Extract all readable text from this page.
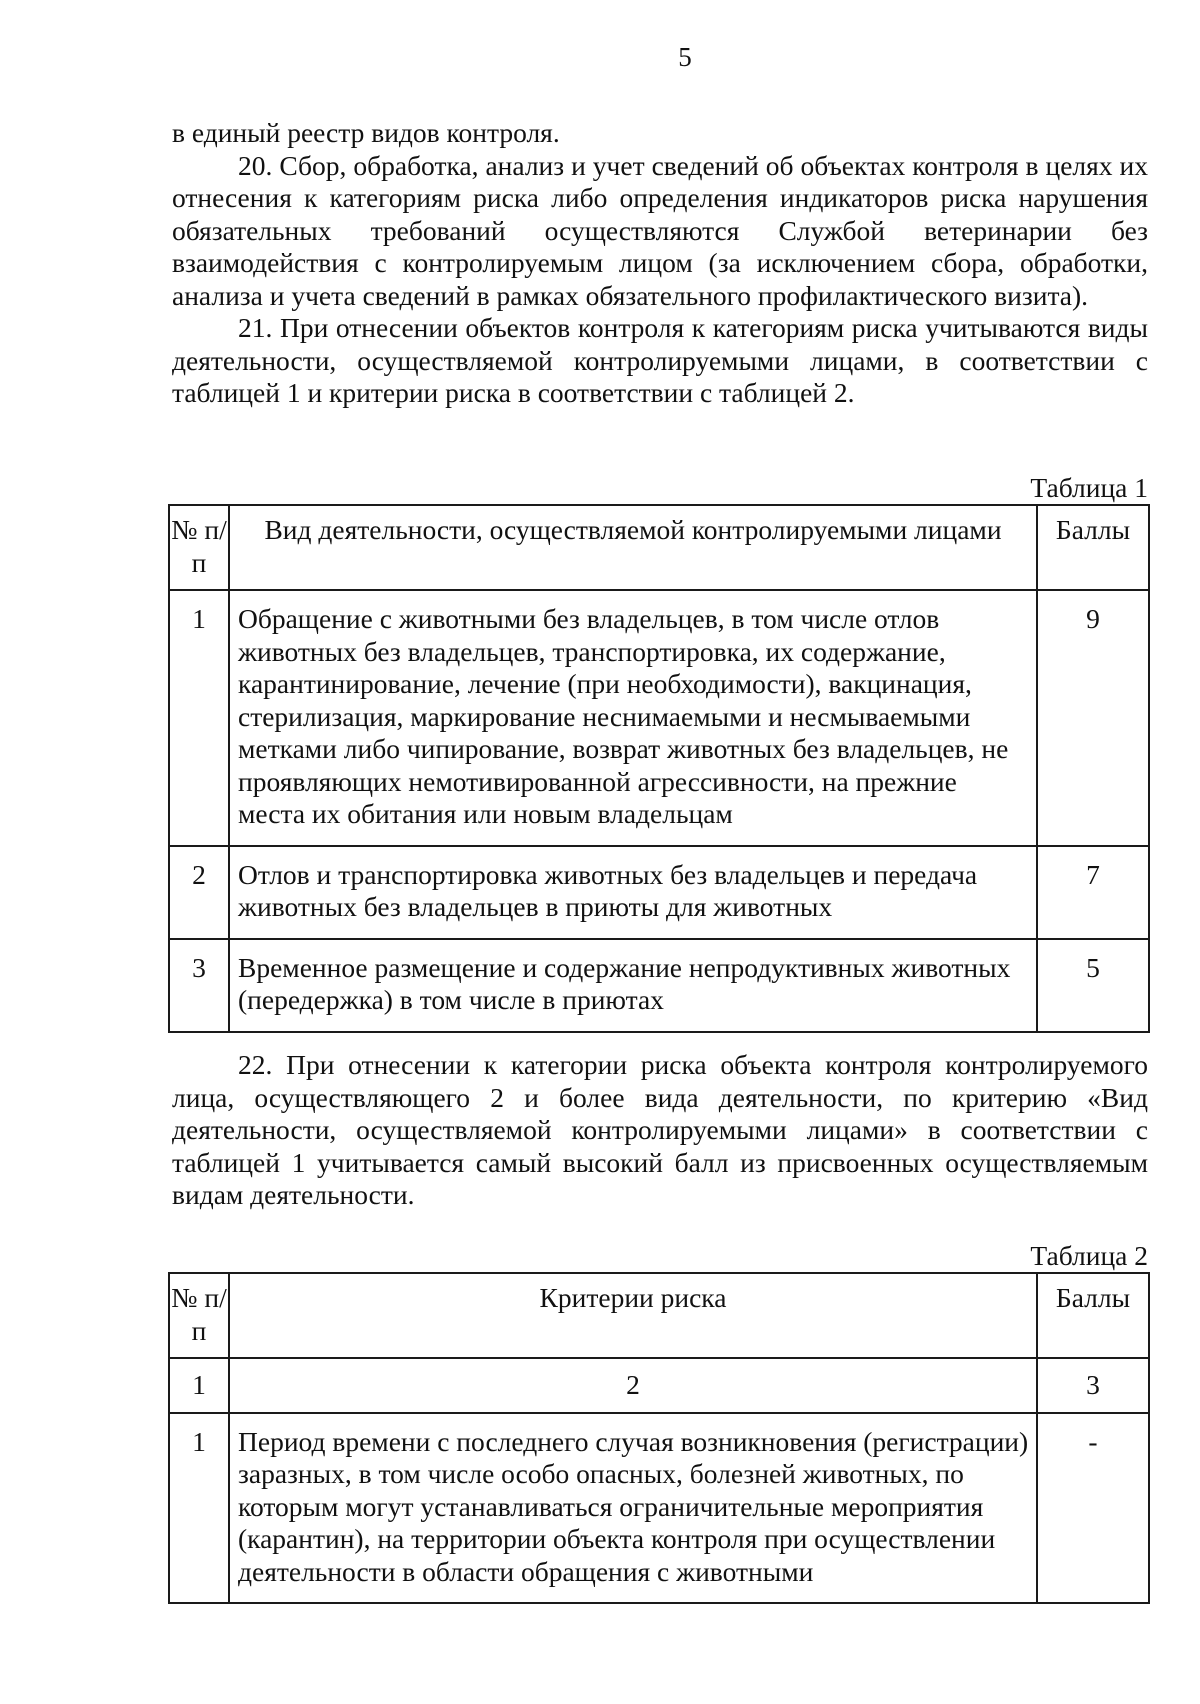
5

в единый реестр видов контроля.

20. Сбор, обработка, анализ и учет сведений об объектах контроля в целях их отнесения к категориям риска либо определения индикаторов риска нарушения обязательных требований осуществляются Службой ветеринарии без взаимодействия с контролируемым лицом (за исключением сбора, обработки, анализа и учета сведений в рамках обязательного профилактического визита).

21. При отнесении объектов контроля к категориям риска учитываются виды деятельности, осуществляемой контролируемыми лицами, в соответствии с таблицей 1 и критерии риска в соответствии с таблицей 2.

Таблица 1
№ п/п	Вид деятельности, осуществляемой контролируемыми лицами	Баллы
1	Обращение с животными без владельцев, в том числе отлов животных без владельцев, транспортировка, их содержание, карантинирование, лечение (при необходимости), вакцинация, стерилизация, маркирование неснимаемыми и несмываемыми метками либо чипирование, возврат животных без владельцев, не проявляющих немотивированной агрессивности, на прежние места их обитания или новым владельцам	9
2	Отлов и транспортировка животных без владельцев и передача животных без владельцев в приюты для животных	7
3	Временное размещение и содержание непродуктивных животных (передержка) в том числе в приютах	5

22. При отнесении к категории риска объекта контроля контролируемого лица, осуществляющего 2 и более вида деятельности, по критерию «Вид деятельности, осуществляемой контролируемыми лицами» в соответствии с таблицей 1 учитывается самый высокий балл из присвоенных осуществляемым видам деятельности.

Таблица 2
№ п/п	Критерии риска	Баллы
1	2	3
1	Период времени с последнего случая возникновения (регистрации) заразных, в том числе особо опасных, болезней животных, по которым могут устанавливаться ограничительные мероприятия (карантин), на территории объекта контроля при осуществлении деятельности в области обращения с животными	-
